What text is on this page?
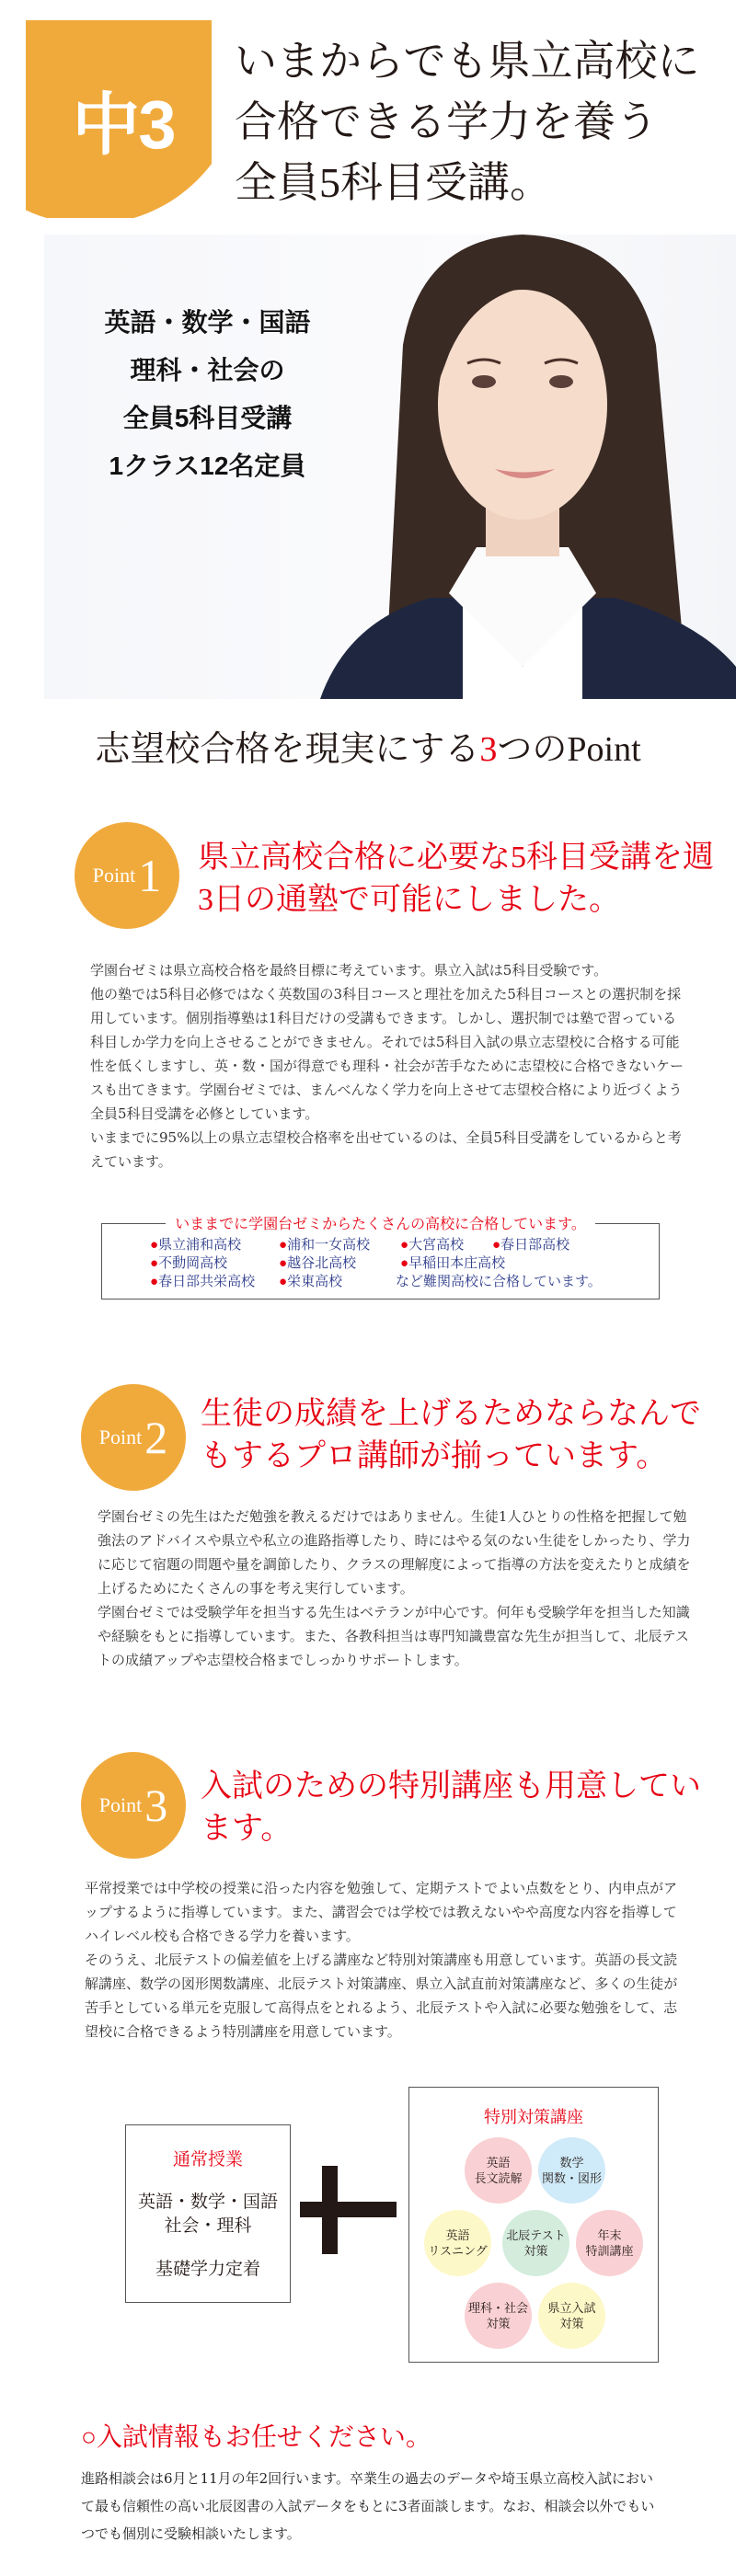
中3
いまからでも県立高校に
合格できる学力を養う
全員5科目受講。
英語・数学・国語
理科・社会の
全員5科目受講
1クラス12名定員
志望校合格を現実にする3つのPoint
Point 1 県立高校合格に必要な5科目受講を週3日の通塾で可能にしました。

学園台ゼミは県立高校合格を最終目標に考えています。県立入試は5科目受験です。

他の塾では5科目必修ではなく英数国の3科目コースと理社を加えた5科目コースとの選択制を採用しています。個別指導塾は1科目だけの受講もできます。しかし、選択制では塾で習っている科目しか学力を向上させることができません。それでは5科目入試の県立志望校に合格する可能性を低くしますし、英・数・国が得意でも理科・社会が苦手なために志望校に合格できないケースも出てきます。学園台ゼミでは、まんべんなく学力を向上させて志望校合格により近づくよう全員5科目受講を必修としています。

いままでに95%以上の県立志望校合格率を出せているのは、全員5科目受講をしているからと考えています。

いままでに学園台ゼミからたくさんの高校に合格しています。
●県立浦和高校	●浦和一女高校 ●大宮高校 ●春日部高校
●不動岡高校	●越谷北高校	●早稲田本庄高校
●春日部共栄高校 ●栄東高校	など難関高校に合格しています。
Point 2 生徒の成績を上げるためならなんでもするプロ講師が揃っています。

学園台ゼミの先生はただ勉強を教えるだけではありません。生徒1人ひとりの性格を把握して勉強法のアドバイスや県立や私立の進路指導したり、時にはやる気のない生徒をしかったり、学力に応じて宿題の問題や量を調節したり、クラスの理解度によって指導の方法を変えたりと成績を上げるためにたくさんの事を考え実行しています。

学園台ゼミでは受験学年を担当する先生はベテランが中心です。何年も受験学年を担当した知識や経験をもとに指導しています。また、各教科担当は専門知識豊富な先生が担当して、北辰テストの成績アップや志望校合格までしっかりサポートします。

Point 3 入試のための特別講座も用意しています。

平常授業では中学校の授業に沿った内容を勉強して、定期テストでよい点数をとり、内申点がアップするように指導しています。また、講習会では学校では教えないやや高度な内容を指導してハイレベル校も合格できる学力を養います。

そのうえ、北辰テストの偏差値を上げる講座など特別対策講座も用意しています。英語の長文読解講座、数学の図形関数講座、北辰テスト対策講座、県立入試直前対策講座など、多くの生徒が苦手としている単元を克服して高得点をとれるよう、北辰テストや入試に必要な勉強をして、志望校に合格できるよう特別講座を用意しています。

通常授業
英語・数学・国語
社会・理科
基礎学力定着
特別対策講座
英語
長文読解
数学
関数・図形
英語
リスニング
北辰テスト
対策
年末
特訓講座
理科・社会
対策
県立入試
対策
○入試情報もお任せください。
進路相談会は6月と11月の年2回行います。卒業生の過去のデータや埼玉県立高校入試において最も信頼性の高い北辰図書の入試データをもとに3者面談します。なお、相談会以外でもいつでも個別に受験相談いたします。
